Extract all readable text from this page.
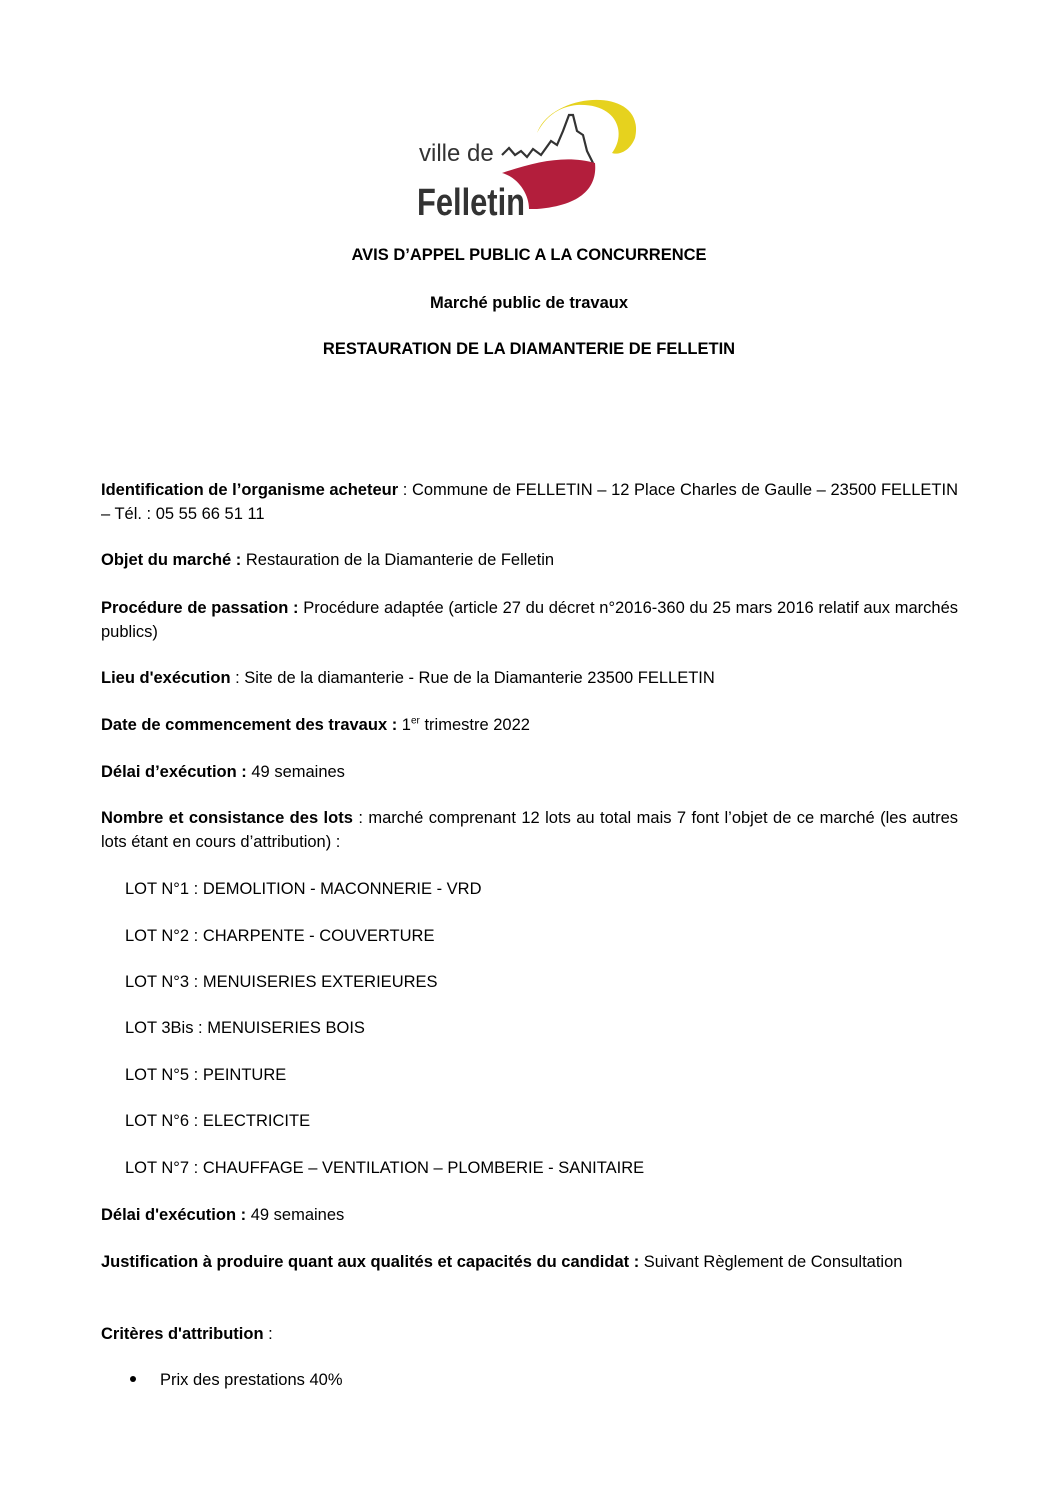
ville de
Felletin
AVIS D’APPEL PUBLIC A LA CONCURRENCE
Marché public de travaux
RESTAURATION DE LA DIAMANTERIE DE FELLETIN
Identification de l’organisme acheteur : Commune de FELLETIN – 12 Place Charles de Gaulle – 23500 FELLETIN – Tél. : 05 55 66 51 11
Objet du marché : Restauration de la Diamanterie de Felletin
Procédure de passation : Procédure adaptée (article 27 du décret n°2016-360 du 25 mars 2016 relatif aux marchés publics)
Lieu d'exécution : Site de la diamanterie - Rue de la Diamanterie 23500 FELLETIN
Date de commencement des travaux : 1er trimestre 2022
Délai d’exécution : 49 semaines
Nombre et consistance des lots : marché comprenant 12 lots au total mais 7 font l’objet de ce marché (les autres lots étant en cours d’attribution) :
LOT N°1 : DEMOLITION - MACONNERIE - VRD
LOT N°2 : CHARPENTE - COUVERTURE
LOT N°3 : MENUISERIES EXTERIEURES
LOT 3Bis : MENUISERIES BOIS
LOT N°5 : PEINTURE
LOT N°6 : ELECTRICITE
LOT N°7 : CHAUFFAGE – VENTILATION – PLOMBERIE - SANITAIRE
Délai d'exécution : 49 semaines
Justification à produire quant aux qualités et capacités du candidat : Suivant Règlement de Consultation
Critères d'attribution :
Prix des prestations 40%
